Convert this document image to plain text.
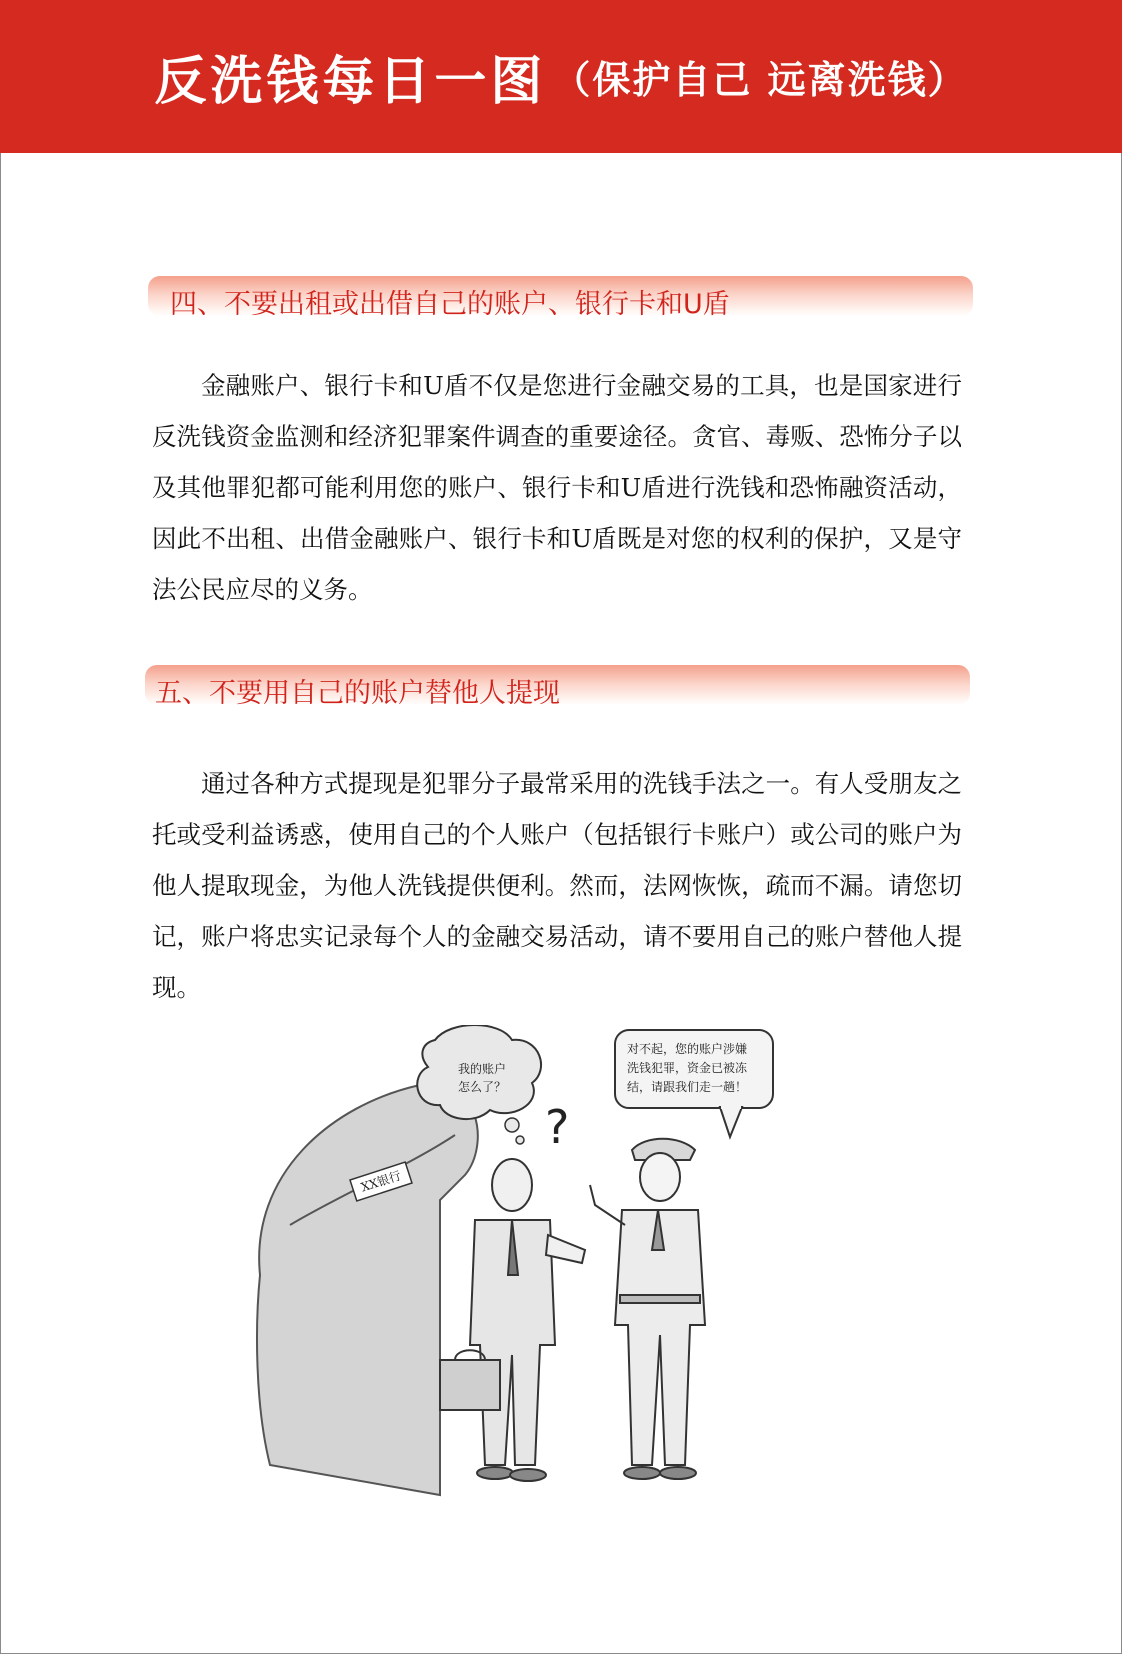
反洗钱每日一图 （保护自己 远离洗钱）
四、不要出租或出借自己的账户、银行卡和U盾

金融账户、银行卡和U盾不仅是您进行金融交易的工具，也是国家进行反洗钱资金监测和经济犯罪案件调查的重要途径。贪官、毒贩、恐怖分子以及其他罪犯都可能利用您的账户、银行卡和U盾进行洗钱和恐怖融资活动，因此不出租、出借金融账户、银行卡和U盾既是对您的权利的保护，又是守法公民应尽的义务。

五、不要用自己的账户替他人提现

通过各种方式提现是犯罪分子最常采用的洗钱手法之一。有人受朋友之托或受利益诱惑，使用自己的个人账户（包括银行卡账户）或公司的账户为他人提取现金，为他人洗钱提供便利。然而，法网恢恢，疏而不漏。请您切记，账户将忠实记录每个人的金融交易活动，请不要用自己的账户替他人提现。

XX银行
我的账户
怎么了？
?
对不起，您的账户涉嫌
洗钱犯罪，资金已被冻
结，请跟我们走一趟！
